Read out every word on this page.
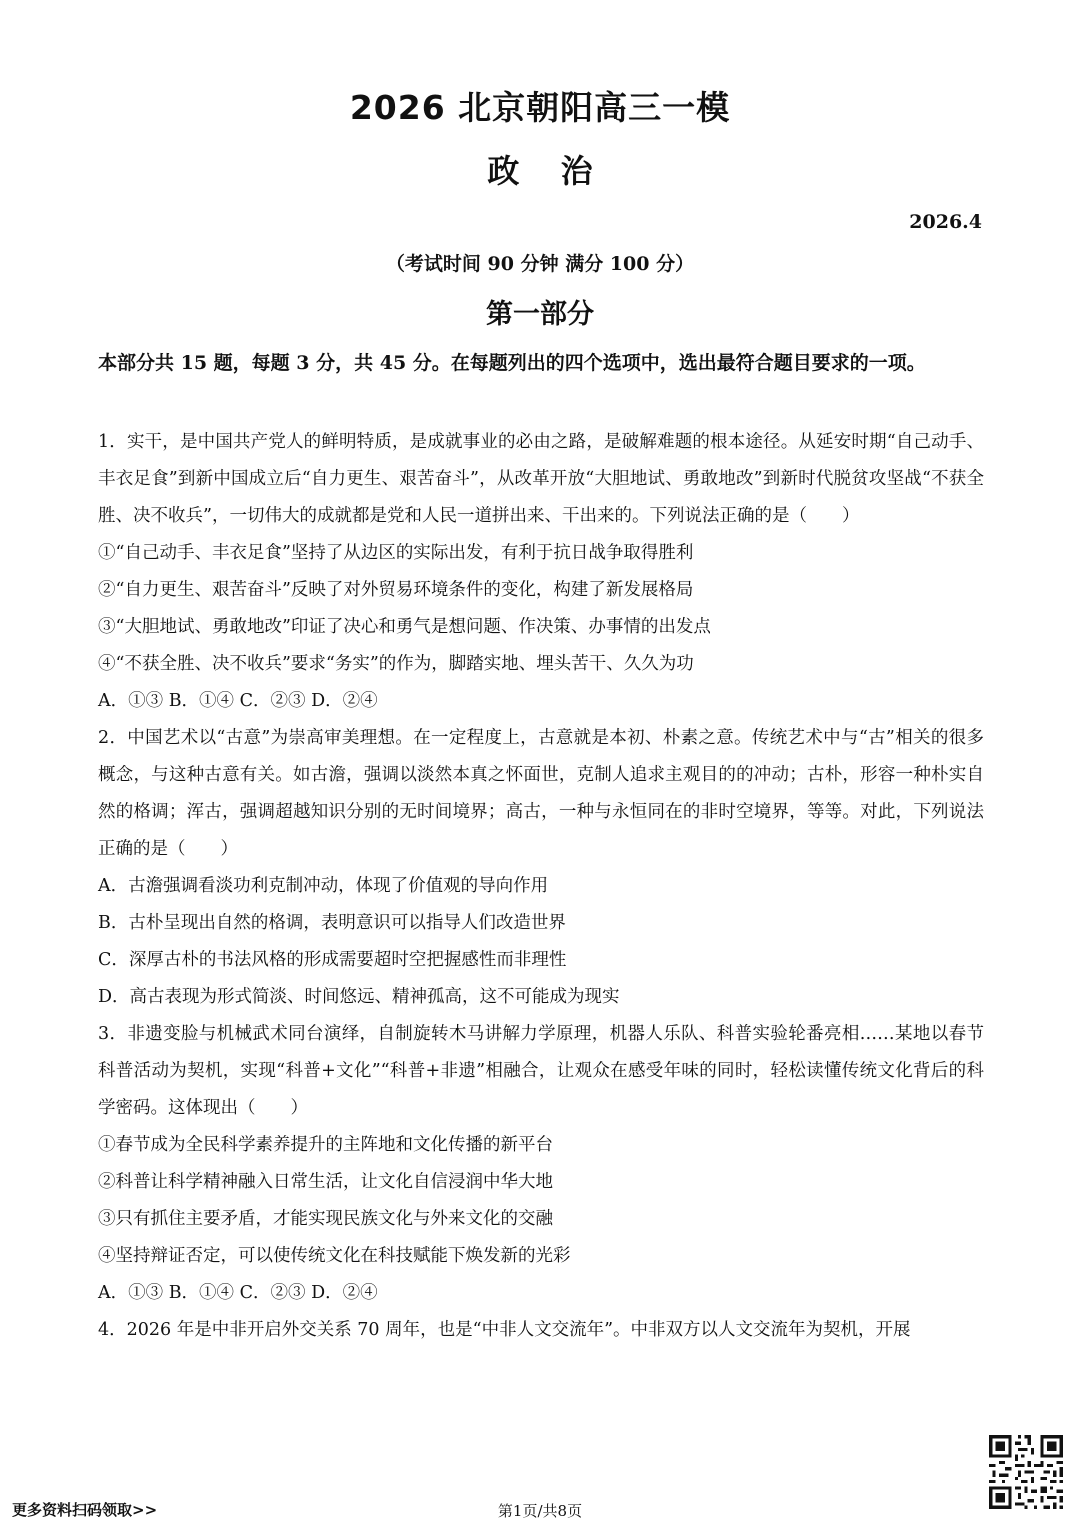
2026 北京朝阳高三一模
政 治
2026.4
（考试时间 90 分钟 满分 100 分）
第一部分
本部分共 15 题，每题 3 分，共 45 分。在每题列出的四个选项中，选出最符合题目要求的一项。

1．实干，是中国共产党人的鲜明特质，是成就事业的必由之路，是破解难题的根本途径。从延安时期“自己动手、丰衣足食”到新中国成立后“自力更生、艰苦奋斗”，从改革开放“大胆地试、勇敢地改”到新时代脱贫攻坚战“不获全胜、决不收兵”，一切伟大的成就都是党和人民一道拼出来、干出来的。下列说法正确的是（　　）

①“自己动手、丰衣足食”坚持了从边区的实际出发，有利于抗日战争取得胜利

②“自力更生、艰苦奋斗”反映了对外贸易环境条件的变化，构建了新发展格局

③“大胆地试、勇敢地改”印证了决心和勇气是想问题、作决策、办事情的出发点

④“不获全胜、决不收兵”要求“务实”的作为，脚踏实地、埋头苦干、久久为功

A．①③ B．①④ C．②③ D．②④

2．中国艺术以“古意”为崇高审美理想。在一定程度上，古意就是本初、朴素之意。传统艺术中与“古”相关的很多概念，与这种古意有关。如古澹，强调以淡然本真之怀面世，克制人追求主观目的的冲动；古朴，形容一种朴实自然的格调；浑古，强调超越知识分别的无时间境界；高古，一种与永恒同在的非时空境界，等等。对此，下列说法正确的是（　　）

A．古澹强调看淡功利克制冲动，体现了价值观的导向作用

B．古朴呈现出自然的格调，表明意识可以指导人们改造世界

C．深厚古朴的书法风格的形成需要超时空把握感性而非理性

D．高古表现为形式简淡、时间悠远、精神孤高，这不可能成为现实

3．非遗变脸与机械武术同台演绎，自制旋转木马讲解力学原理，机器人乐队、科普实验轮番亮相……某地以春节科普活动为契机，实现“科普+文化”“科普+非遗”相融合，让观众在感受年味的同时，轻松读懂传统文化背后的科学密码。这体现出（　　）

①春节成为全民科学素养提升的主阵地和文化传播的新平台

②科普让科学精神融入日常生活，让文化自信浸润中华大地

③只有抓住主要矛盾，才能实现民族文化与外来文化的交融

④坚持辩证否定，可以使传统文化在科技赋能下焕发新的光彩

A．①③ B．①④ C．②③ D．②④

4．2026 年是中非开启外交关系 70 周年，也是“中非人文交流年”。中非双方以人文交流年为契机，开展

更多资料扫码领取>>	第1页/共8页
